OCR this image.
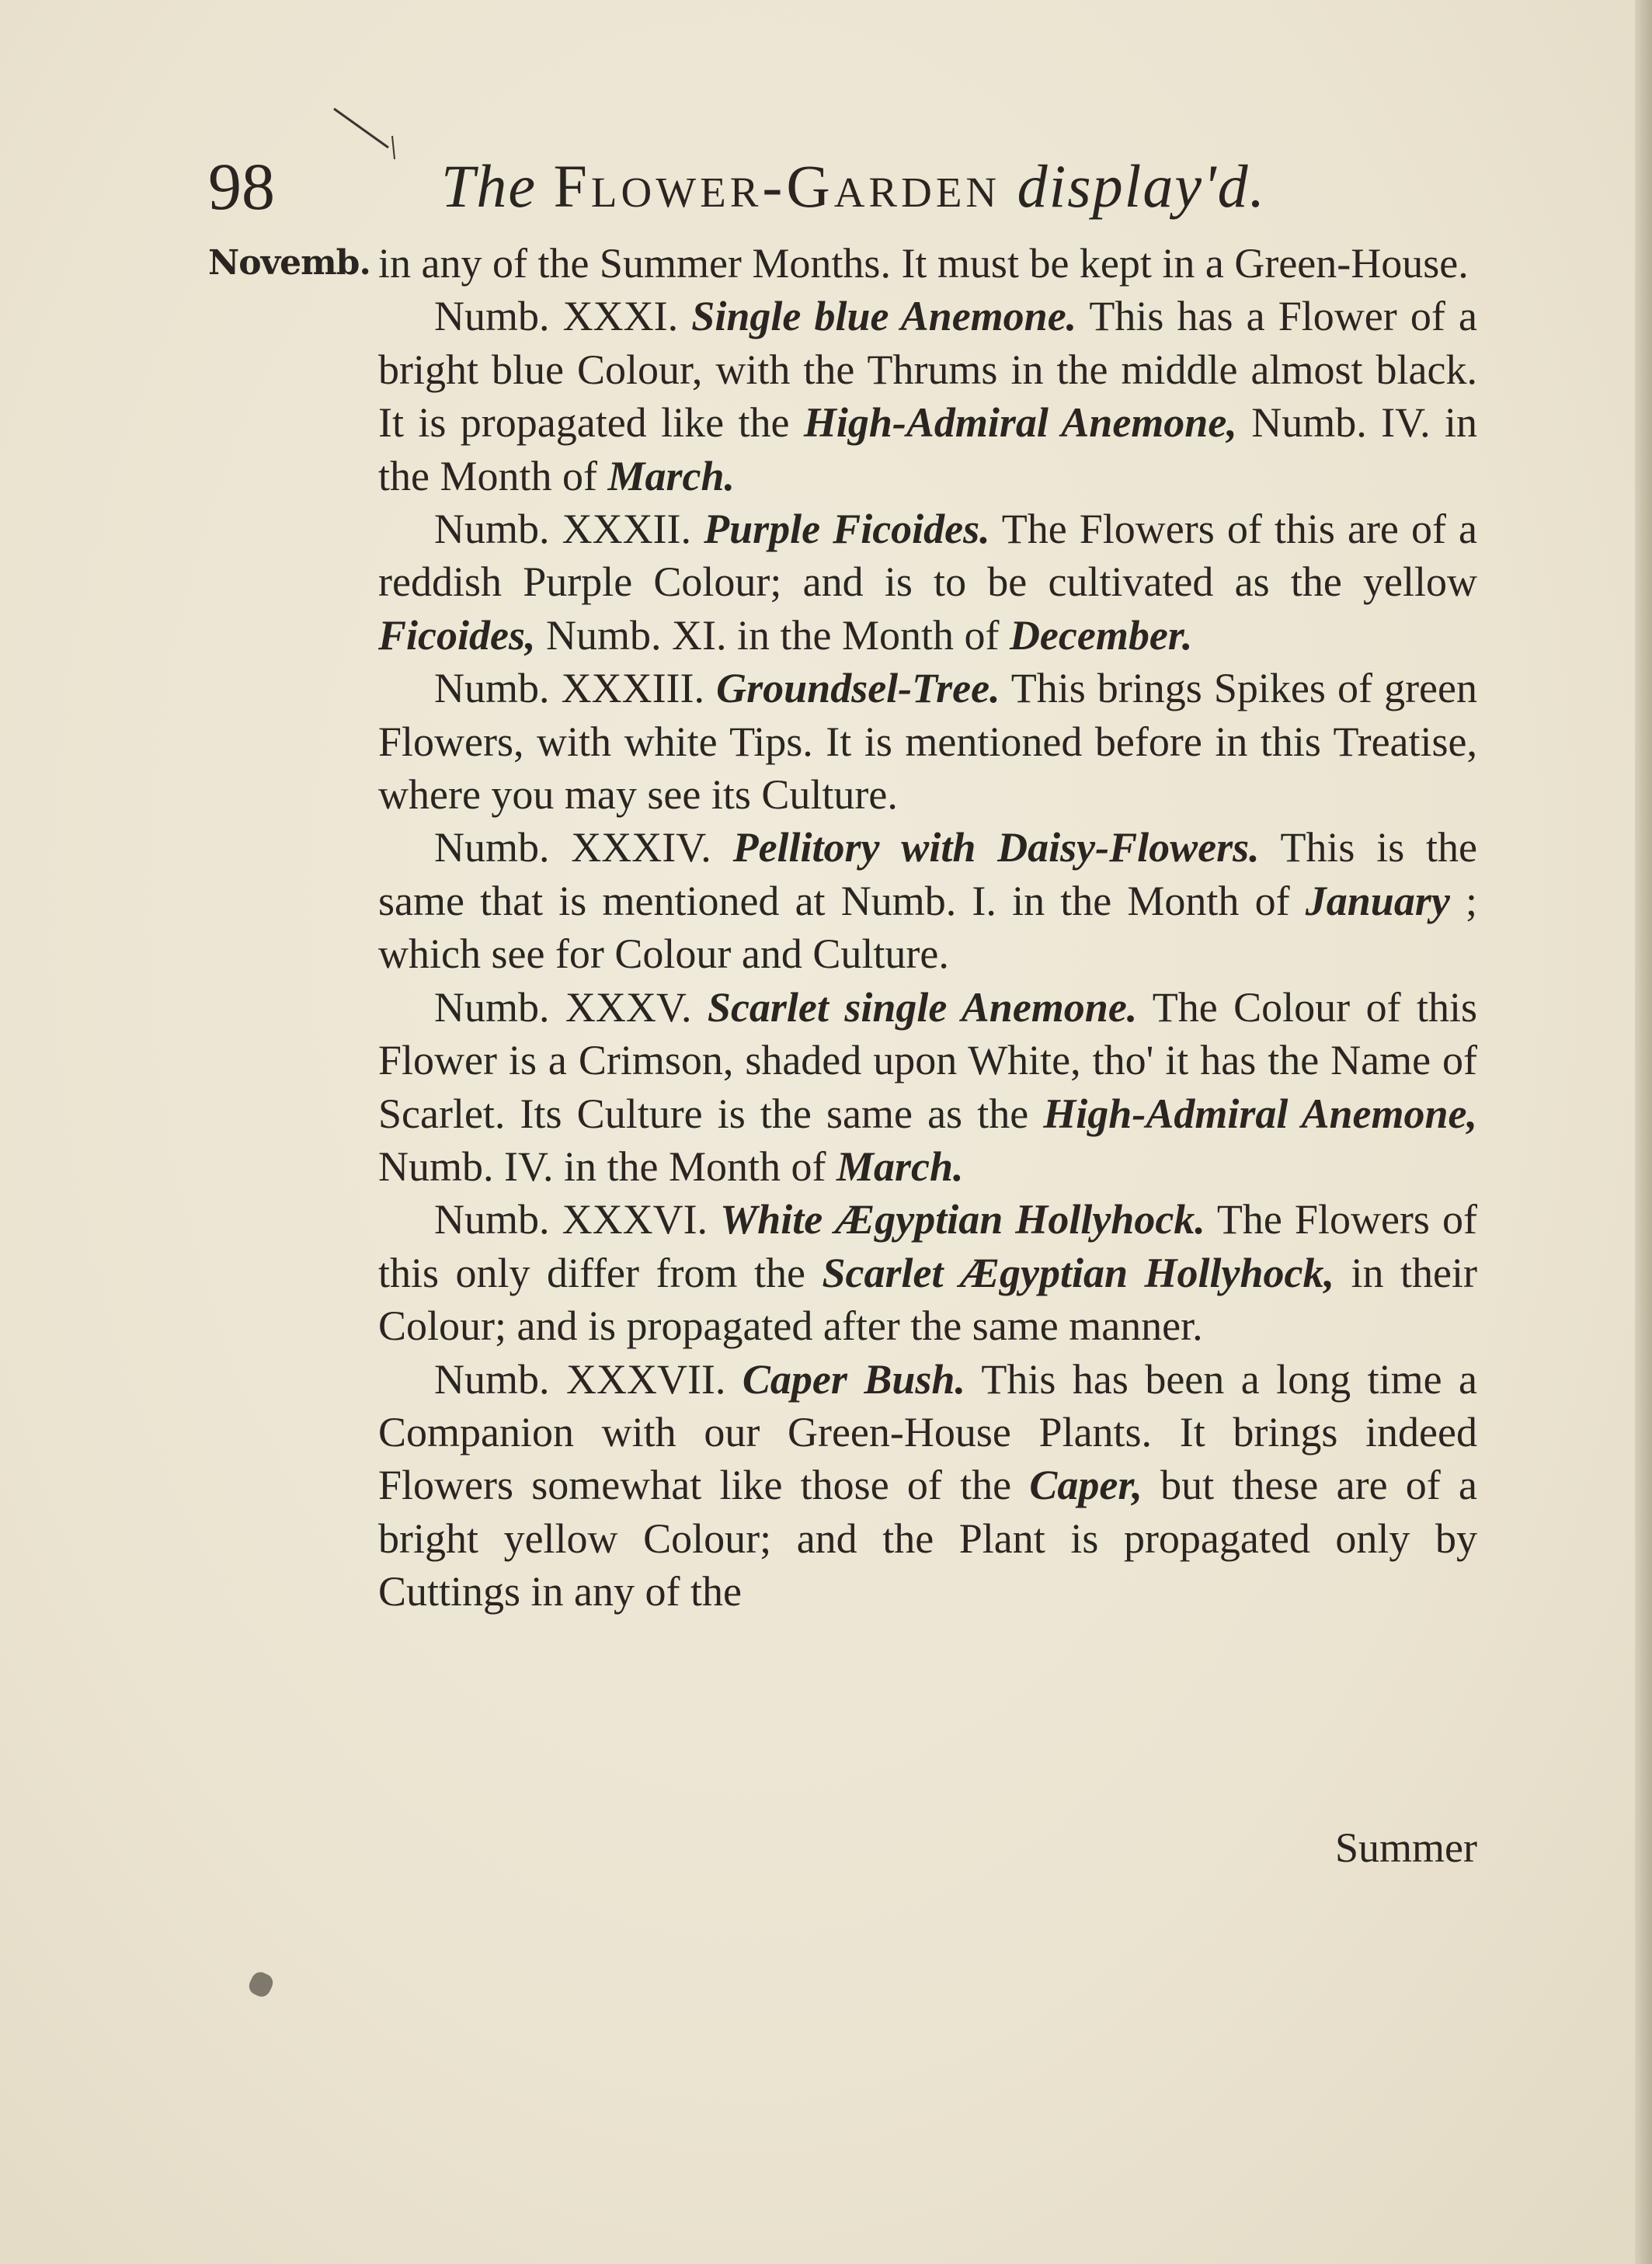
98	The Flower-Garden display'd.
Novemb. in any of the Summer Months. It must be kept in a Green-House.

Numb. XXXI. Single blue Anemone. This has a Flower of a bright blue Colour, with the Thrums in the middle almost black. It is propagated like the High-Admiral Anemone, Numb. IV. in the Month of March.

Numb. XXXII. Purple Ficoides. The Flowers of this are of a reddish Purple Colour; and is to be cultivated as the yellow Ficoides, Numb. XI. in the Month of December.

Numb. XXXIII. Groundsel-Tree. This brings Spikes of green Flowers, with white Tips. It is mentioned before in this Treatise, where you may see its Culture.

Numb. XXXIV. Pellitory with Daisy-Flowers. This is the same that is mentioned at Numb. I. in the Month of January ; which see for Colour and Culture.

Numb. XXXV. Scarlet single Anemone. The Colour of this Flower is a Crimson, shaded upon White, tho' it has the Name of Scarlet. Its Culture is the same as the High-Admiral Anemone, Numb. IV. in the Month of March.

Numb. XXXVI. White Ægyptian Hollyhock. The Flowers of this only differ from the Scarlet Ægyptian Hollyhock, in their Colour; and is propagated after the same manner.

Numb. XXXVII. Caper Bush. This has been a long time a Companion with our Green-House Plants. It brings indeed Flowers somewhat like those of the Caper, but these are of a bright yellow Colour; and the Plant is propagated only by Cuttings in any of the

Summer
